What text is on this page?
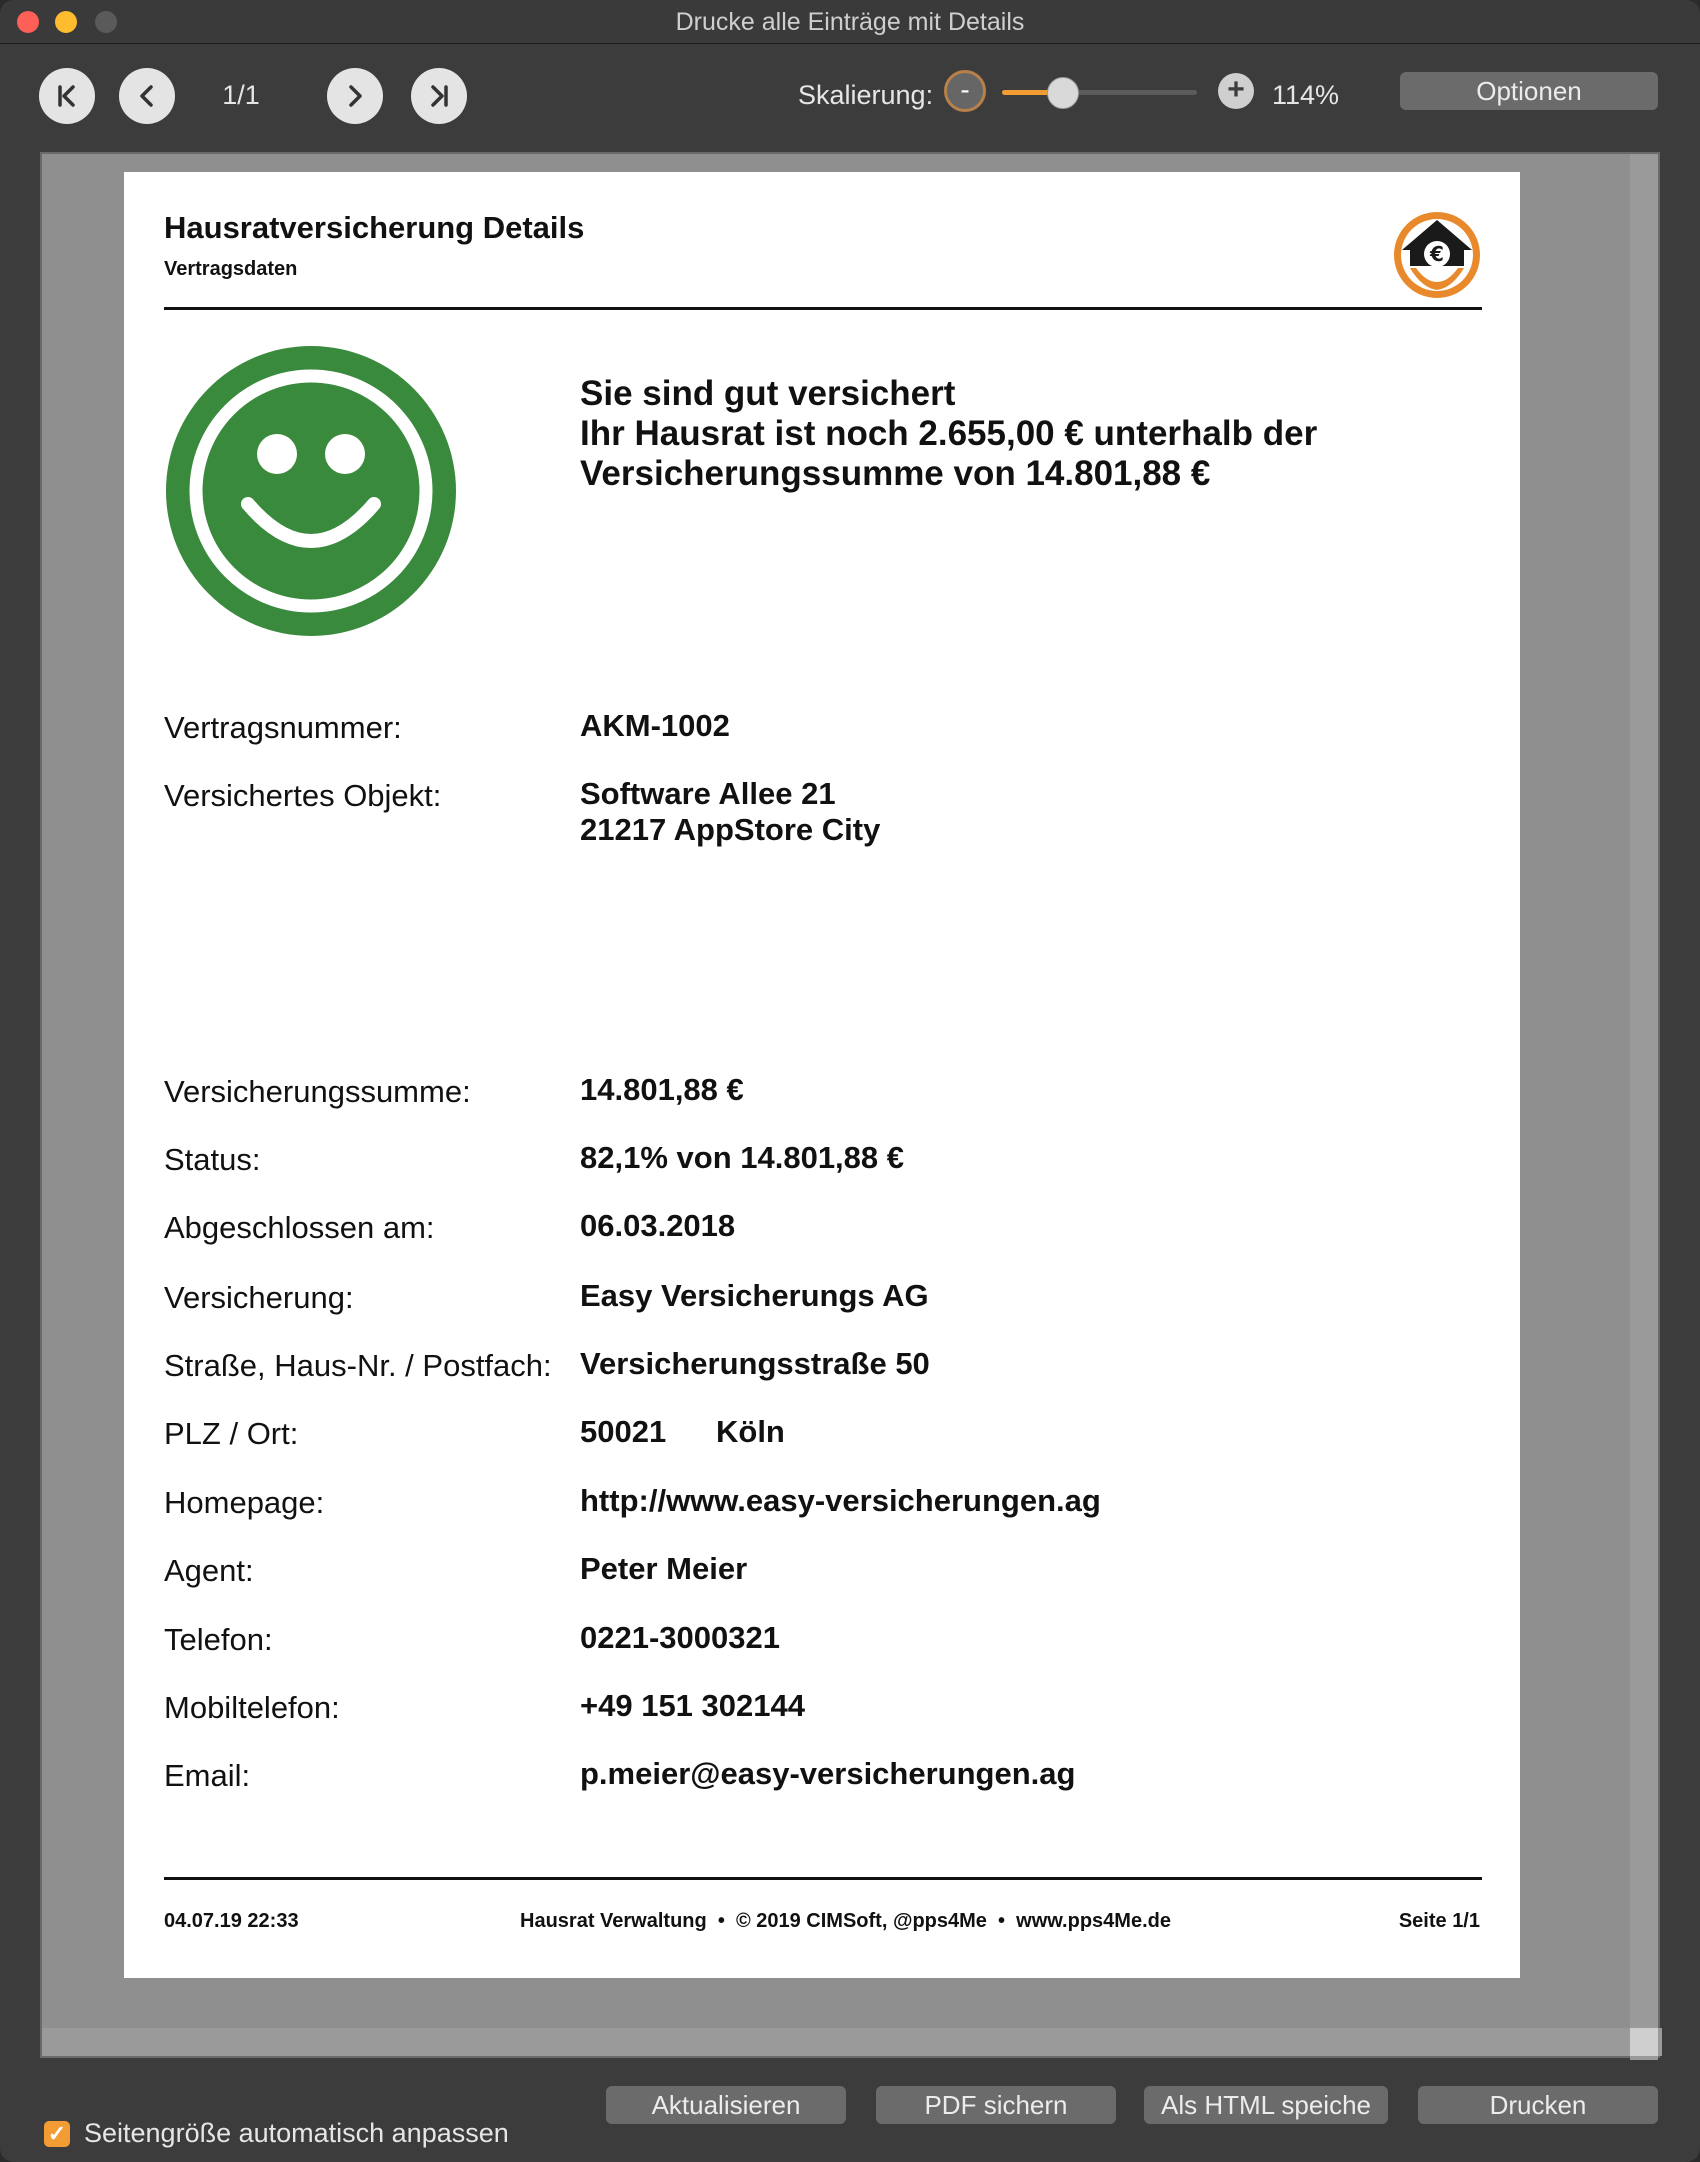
Drucke alle Einträge mit Details
1/1	Skalierung: -	+	114%	Optionen
Hausratversicherung Details
Vertragsdaten
€
Sie sind gut versichert
Ihr Hausrat ist noch 2.655,00 € unterhalb der
Versicherungssumme von 14.801,88 €
Vertragsnummer:	AKM-1002
Versichertes Objekt:	Software Allee 21
21217 AppStore City
Versicherungssumme:	14.801,88 €
Status:	82,1% von 14.801,88 €
Abgeschlossen am:	06.03.2018
Versicherung:	Easy Versicherungs AG
Straße, Haus-Nr. / Postfach: Versicherungsstraße 50
PLZ / Ort:	50021 Köln
Homepage:	http://www.easy-versicherungen.ag
Agent:	Peter Meier
Telefon:	0221-3000321
Mobiltelefon:	+49 151 302144
Email:	p.meier@easy-versicherungen.ag
04.07.19 22:33	Hausrat Verwaltung  •  © 2019 CIMSoft, @pps4Me  •  www.pps4Me.de	Seite 1/1
✓ Seitengröße automatisch anpassen
Aktualisieren	PDF sichern	Als HTML speiche	Drucken
